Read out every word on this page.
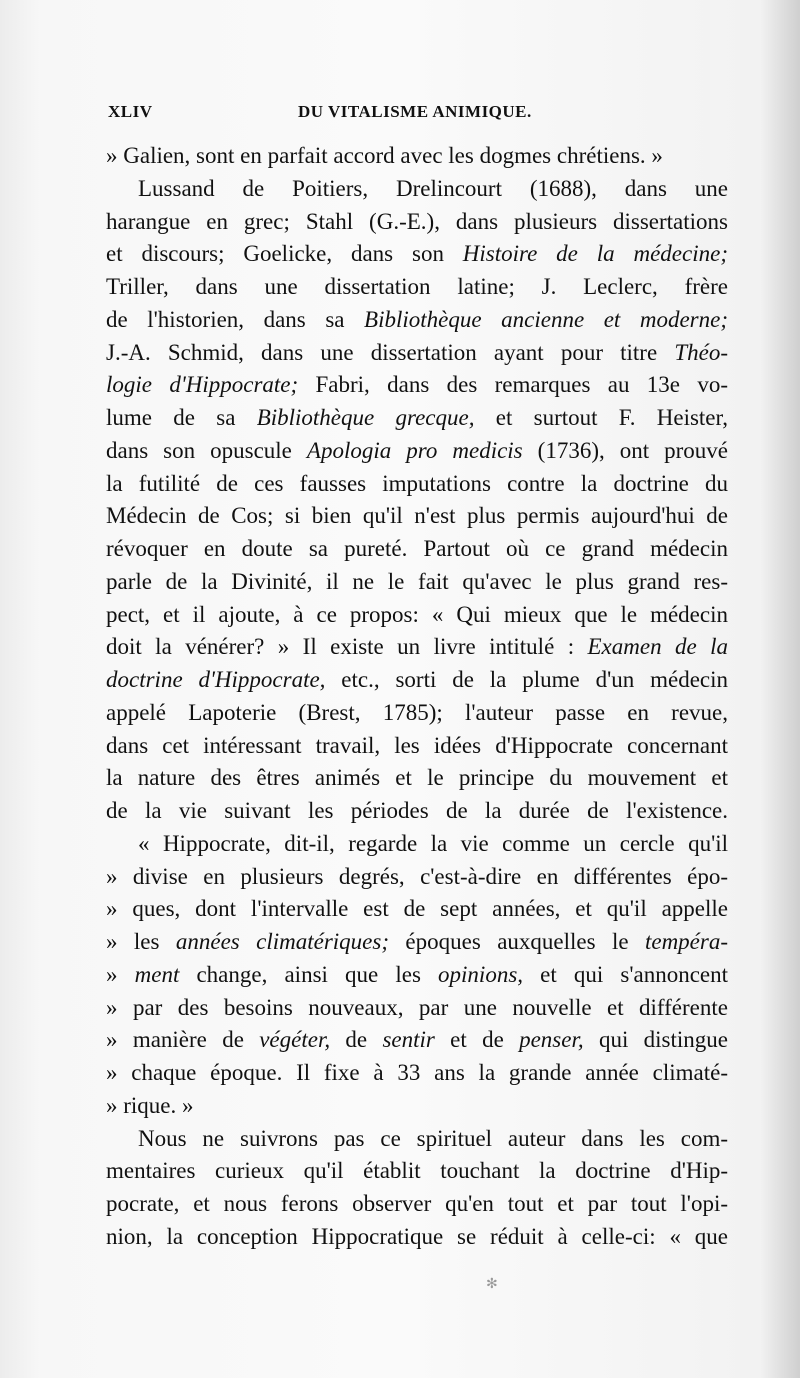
XLIV	DU VITALISME ANIMIQUE.
» Galien, sont en parfait accord avec les dogmes chrétiens. »
Lussand de Poitiers, Drelincourt (1688), dans une
harangue en grec; Stahl (G.-E.), dans plusieurs dissertations
et discours; Goelicke, dans son Histoire de la médecine;
Triller, dans une dissertation latine; J. Leclerc, frère
de l'historien, dans sa Bibliothèque ancienne et moderne;
J.-A. Schmid, dans une dissertation ayant pour titre Théo-
logie d'Hippocrate; Fabri, dans des remarques au 13e vo-
lume de sa Bibliothèque grecque, et surtout F. Heister,
dans son opuscule Apologia pro medicis (1736), ont prouvé
la futilité de ces fausses imputations contre la doctrine du
Médecin de Cos; si bien qu'il n'est plus permis aujourd'hui de
révoquer en doute sa pureté. Partout où ce grand médecin
parle de la Divinité, il ne le fait qu'avec le plus grand res-
pect, et il ajoute, à ce propos: « Qui mieux que le médecin
doit la vénérer? » Il existe un livre intitulé : Examen de la
doctrine d'Hippocrate, etc., sorti de la plume d'un médecin
appelé Lapoterie (Brest, 1785); l'auteur passe en revue,
dans cet intéressant travail, les idées d'Hippocrate concernant
la nature des êtres animés et le principe du mouvement et
de la vie suivant les périodes de la durée de l'existence.
« Hippocrate, dit-il, regarde la vie comme un cercle qu'il
» divise en plusieurs degrés, c'est-à-dire en différentes épo-
» ques, dont l'intervalle est de sept années, et qu'il appelle
» les années climatériques; époques auxquelles le tempéra-
» ment change, ainsi que les opinions, et qui s'annoncent
» par des besoins nouveaux, par une nouvelle et différente
» manière de végéter, de sentir et de penser, qui distingue
» chaque époque. Il fixe à 33 ans la grande année climaté-
» rique. »
Nous ne suivrons pas ce spirituel auteur dans les com-
mentaires curieux qu'il établit touchant la doctrine d'Hip-
pocrate, et nous ferons observer qu'en tout et par tout l'opi-
nion, la conception Hippocratique se réduit à celle-ci: « que
✻
